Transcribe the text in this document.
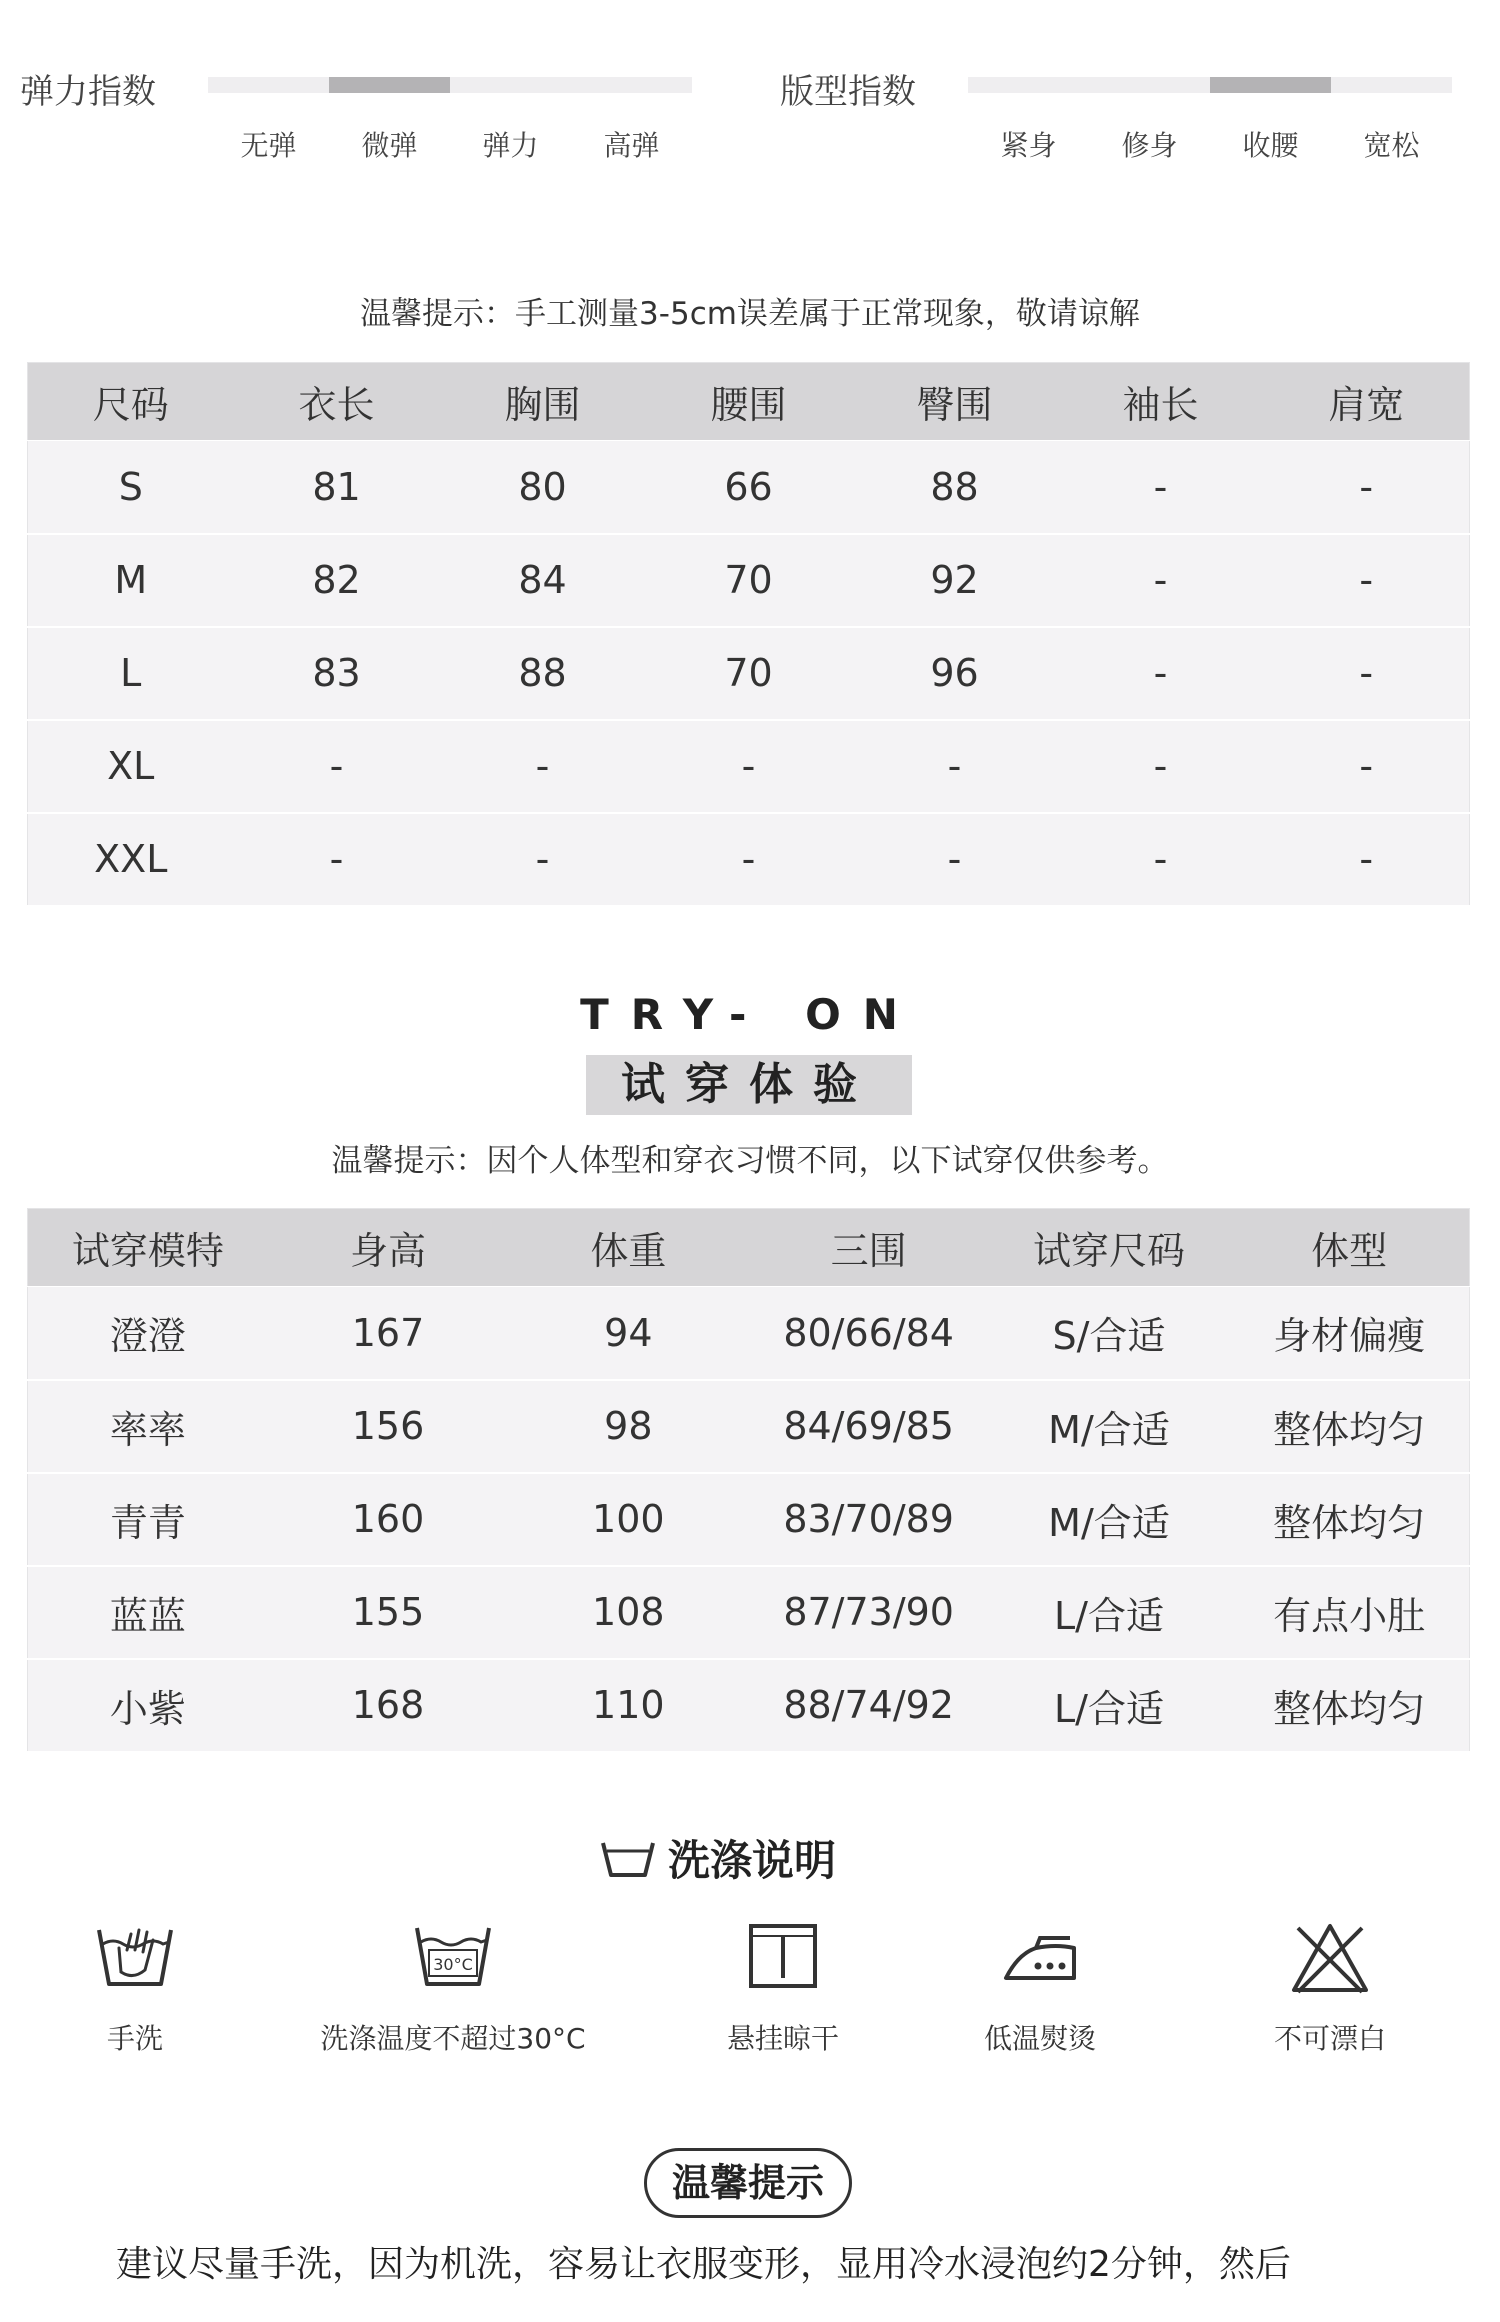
弹力指数
无弹 微弹 弹力 高弹
版型指数
紧身 修身 收腰 宽松
温馨提示：手工测量3-5cm误差属于正常现象，敬请谅解
尺码	衣长	胸围	腰围	臀围	袖长	肩宽
S	81	80	66	88	-	-
M	82	84	70	92	-	-
L	83	88	70	96	-	-
XL	-	-	-	-	-	-
XXL	-	-	-	-	-	-
TRY- ON
试穿体验
温馨提示：因个人体型和穿衣习惯不同，以下试穿仅供参考。
试穿模特	身高	体重	三围	试穿尺码	体型
澄澄	167	94	80/66/84	S/合适	身材偏瘦
率率	156	98	84/69/85	M/合适	整体均匀
青青	160	100	83/70/89	M/合适	整体均匀
蓝蓝	155	108	87/73/90	L/合适	有点小肚
小紫	168	110	88/74/92	L/合适	整体均匀
洗涤说明
手洗
30°C
洗涤温度不超过30°C	悬挂晾干	低温熨烫	不可漂白
温馨提示
建议尽量手洗，因为机洗，容易让衣服变形，显用冷水浸泡约2分钟，然后
